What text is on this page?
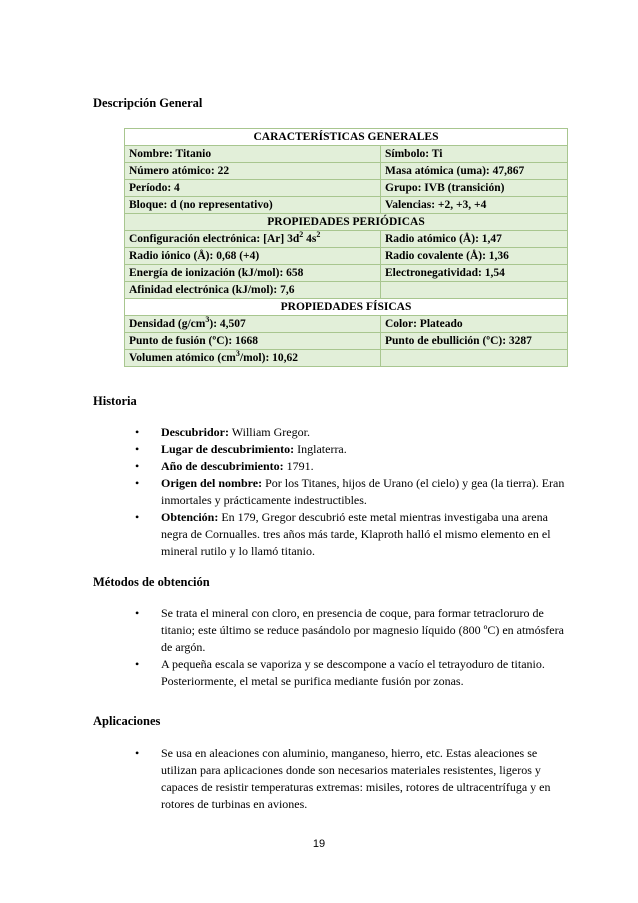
Descripción General
CARACTERÍSTICAS GENERALES	
Nombre: Titanio	Símbolo: Ti
Número atómico: 22	Masa atómica (uma): 47,867
Período: 4	Grupo: IVB (transición)
Bloque: d (no representativo)	Valencias: +2, +3, +4
PROPIEDADES PERIÓDICAS	
Configuración electrónica: [Ar] $3d^2$ $4s^2$	Radio atómico (Å): 1,47
Radio iónico (Å): 0,68 (+4)	Radio covalente (Å): 1,36
Energía de ionización (kJ/mol): 658	Electronegatividad: 1,54
Afinidad electrónica (kJ/mol): 7,6	
PROPIEDADES FÍSICAS	
Densidad $(g/cm^3)$: 4,507	Color: Plateado
Punto de fusión (ºC): 1668	Punto de ebullición (ºC): 3287
Volumen atómico $(cm^3/mol)$: 10,62	
Historia
• Descubridor: William Gregor.
• Lugar de descubrimiento: Inglaterra.
• Año de descubrimiento: 1791.
• Origen del nombre: Por los Titanes, hijos de Urano (el cielo) y gea (la tierra). Eran inmortales y prácticamente indestructibles.
• Obtención: En 179, Gregor descubrió este metal mientras investigaba una arena negra de Cornualles. tres años más tarde, Klaproth halló el mismo elemento en el mineral rutilo y lo llamó titanio.
Métodos de obtención
• Se trata el mineral con cloro, en presencia de coque, para formar tetracloruro de titanio; este último se reduce pasándolo por magnesio líquido (800 ºC) en atmósfera de argón.
• A pequeña escala se vaporiza y se descompone a vacío el tetrayoduro de titanio. Posteriormente, el metal se purifica mediante fusión por zonas.
Aplicaciones
• Se usa en aleaciones con aluminio, manganeso, hierro, etc. Estas aleaciones se utilizan para aplicaciones donde son necesarios materiales resistentes, ligeros y capaces de resistir temperaturas extremas: misiles, rotores de ultracentrífuga y en rotores de turbinas en aviones.
19
